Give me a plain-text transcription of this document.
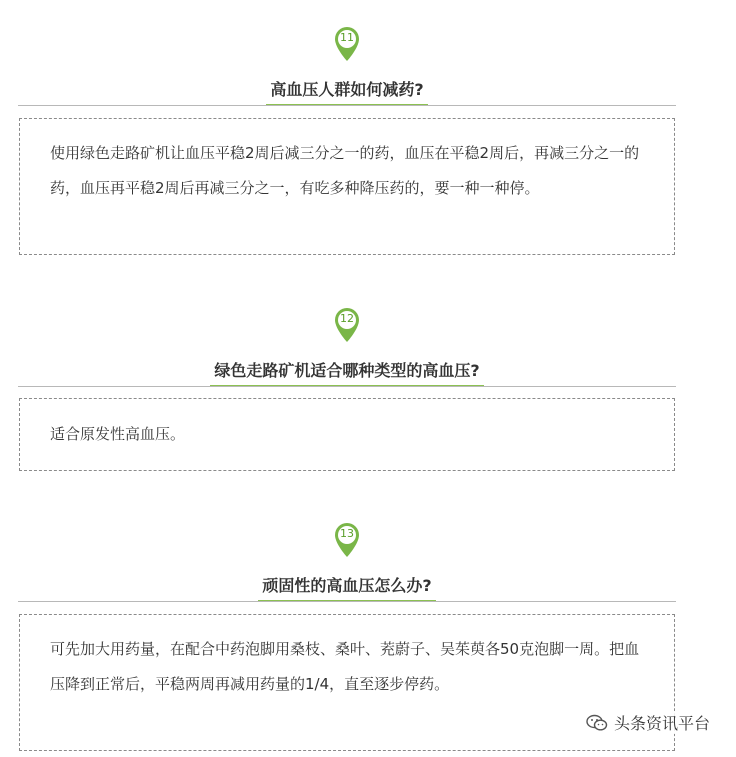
11
高血压人群如何减药?
使用绿色走路矿机让血压平稳2周后减三分之一的药，血压在平稳2周后，再减三分之一的药，血压再平稳2周后再减三分之一，有吃多种降压药的，要一种一种停。
12
绿色走路矿机适合哪种类型的高血压?
适合原发性高血压。
13
顽固性的高血压怎么办?
可先加大用药量，在配合中药泡脚用桑枝、桑叶、茺蔚子、吴茱萸各50克泡脚一周。把血压降到正常后，平稳两周再减用药量的1/4，直至逐步停药。
头条资讯平台
